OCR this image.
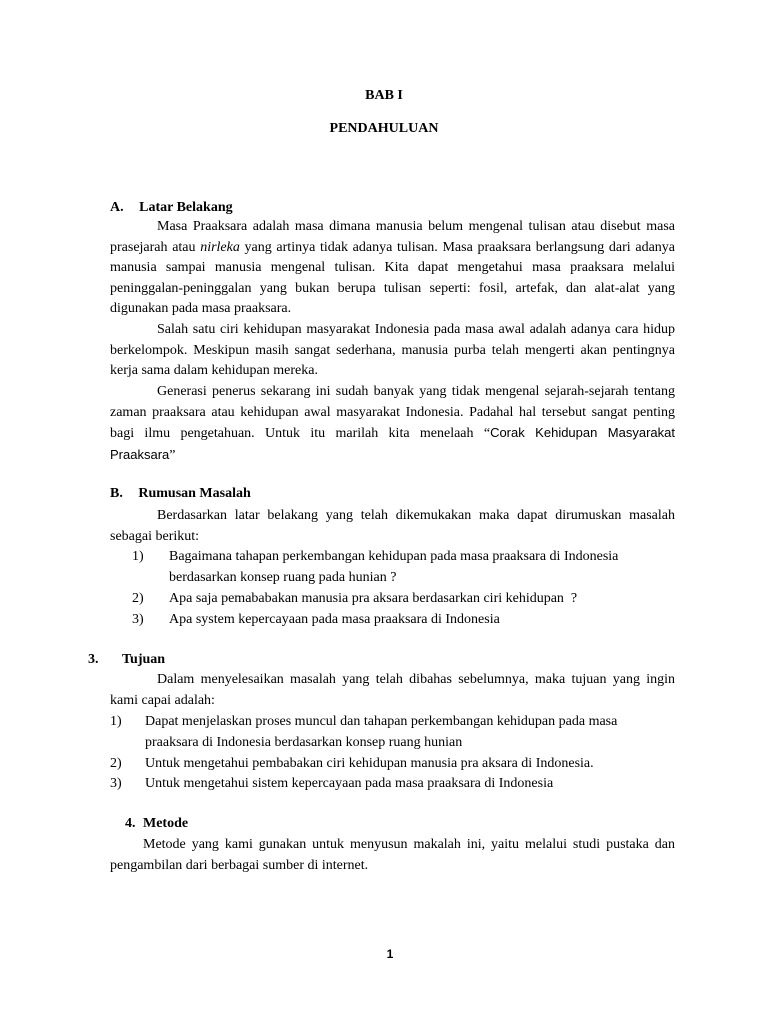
BAB I
PENDAHULUAN
A. Latar Belakang

Masa Praaksara adalah masa dimana manusia belum mengenal tulisan atau disebut masa prasejarah atau nirleka yang artinya tidak adanya tulisan. Masa praaksara berlangsung dari adanya manusia sampai manusia mengenal tulisan. Kita dapat mengetahui masa praaksara melalui peninggalan-peninggalan yang bukan berupa tulisan seperti: fosil, artefak, dan alat-alat yang digunakan pada masa praaksara.

Salah satu ciri kehidupan masyarakat Indonesia pada masa awal adalah adanya cara hidup berkelompok. Meskipun masih sangat sederhana, manusia purba telah mengerti akan pentingnya kerja sama dalam kehidupan mereka.

Generasi penerus sekarang ini sudah banyak yang tidak mengenal sejarah-sejarah tentang zaman praaksara atau kehidupan awal masyarakat Indonesia. Padahal hal tersebut sangat penting bagi ilmu pengetahuan. Untuk itu marilah kita menelaah “Corak Kehidupan Masyarakat Praaksara”

B. Rumusan Masalah

Berdasarkan latar belakang yang telah dikemukakan maka dapat dirumuskan masalah sebagai berikut:

1) Bagaimana tahapan perkembangan kehidupan pada masa praaksara di Indonesia
berdasarkan konsep ruang pada hunian ?
2) Apa saja pemababakan manusia pra aksara berdasarkan ciri kehidupan  ?
3) Apa system kepercayaan pada masa praaksara di Indonesia
3. Tujuan

Dalam menyelesaikan masalah yang telah dibahas sebelumnya, maka tujuan yang ingin kami capai adalah:

1) Dapat menjelaskan proses muncul dan tahapan perkembangan kehidupan pada masa
praaksara di Indonesia berdasarkan konsep ruang hunian
2) Untuk mengetahui pembabakan ciri kehidupan manusia pra aksara di Indonesia.
3) Untuk mengetahui sistem kepercayaan pada masa praaksara di Indonesia
4. Metode

Metode yang kami gunakan untuk menyusun makalah ini, yaitu melalui studi pustaka dan pengambilan dari berbagai sumber di internet.

1
